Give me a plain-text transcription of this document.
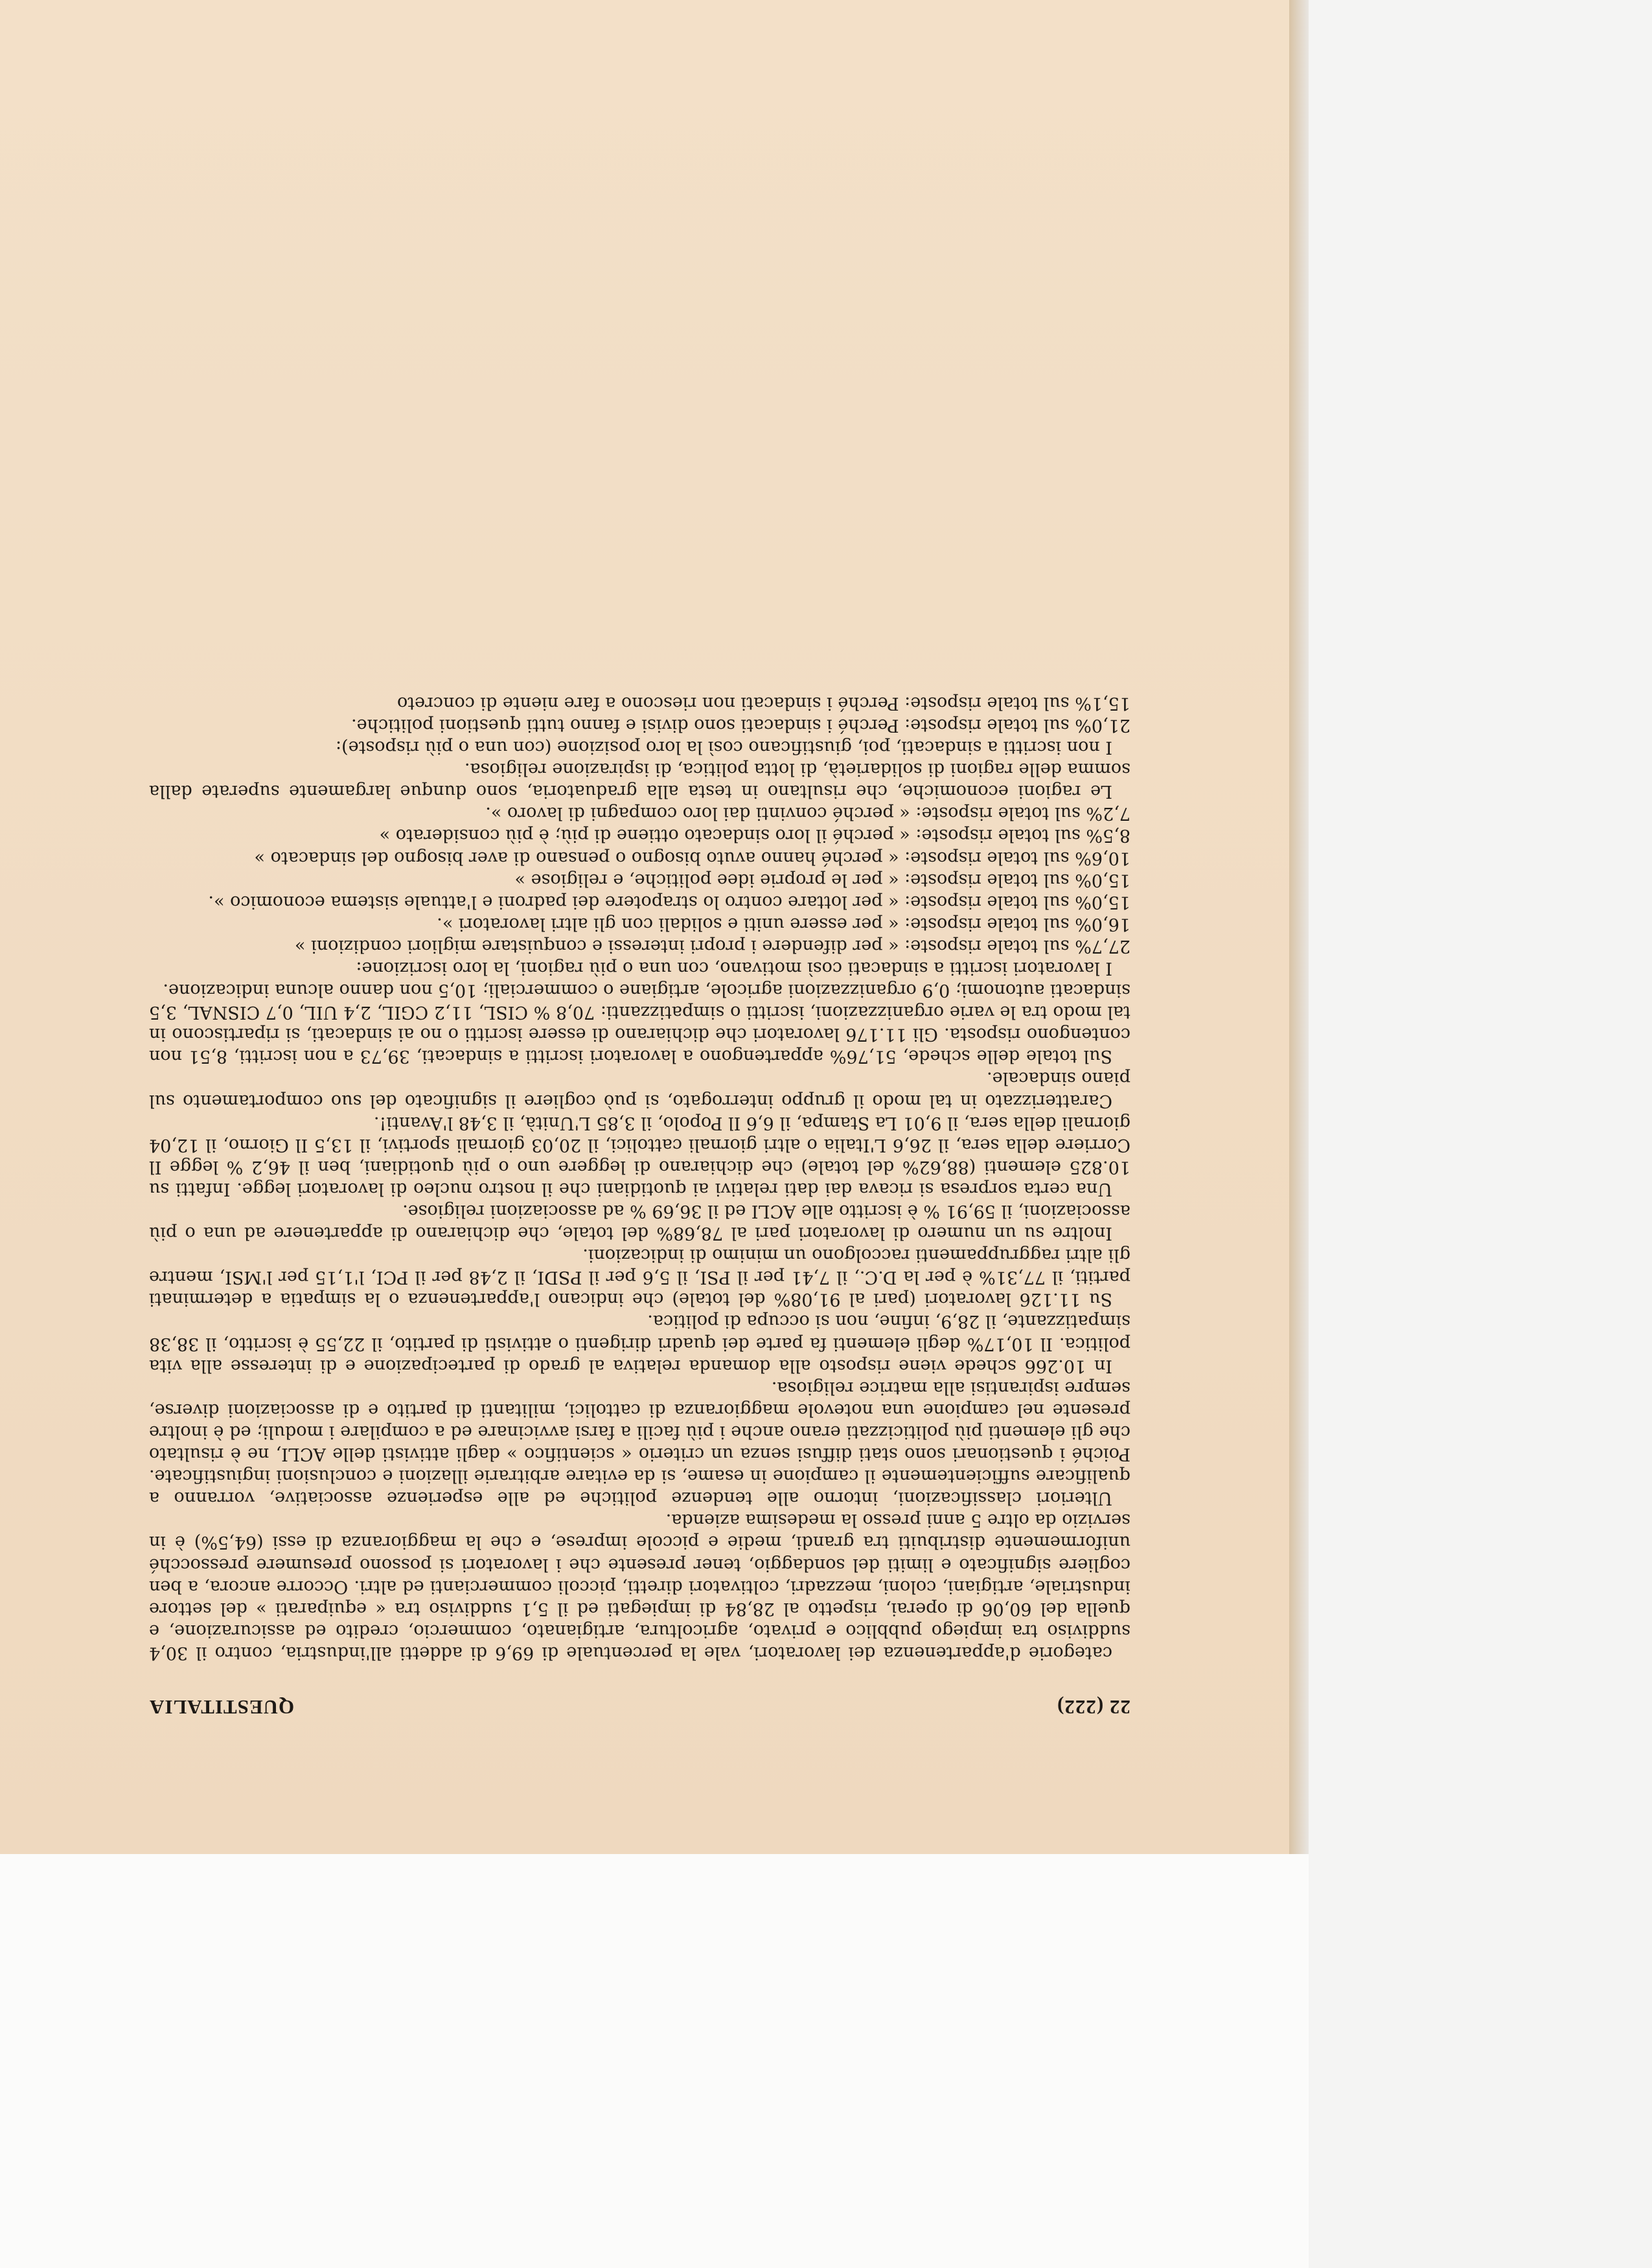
22 (222)
QUESTITALIA

categorie d'appartenenza dei lavoratori, vale la percentuale di 69,6 di addetti all'industria, contro il 30,4 suddiviso tra impiego pubblico e privato, agricoltura, artigianato, commercio, credito ed assicurazione, e quella del 60,06 di operai, rispetto al 28,84 di impiegati ed il 5,1 suddiviso tra « equiparati » del settore industriale, artigiani, coloni, mezzadri, coltivatori diretti, piccoli commercianti ed altri. Occorre ancora, a ben cogliere significato e limiti del sondaggio, tener presente che i lavoratori si possono presumere pressocché uniformemente distribuiti tra grandi, medie e piccole imprese, e che la maggioranza di essi (64,5%) è in servizio da oltre 5 anni presso la medesima azienda.

Ulteriori classificazioni, intorno alle tendenze politiche ed alle esperienze associative, vorranno a qualificare sufficientemente il campione in esame, si da evitare arbitrarie illazioni e conclusioni ingiustificate. Poiché i questionari sono stati diffusi senza un criterio « scientifico » dagli attivisti delle ACLI, ne è risultato che gli elementi più politicizzati erano anche i più facili a farsi avvicinare ed a compilare i moduli; ed è inoltre presente nel campione una notevole maggioranza di cattolici, militanti di partito e di associazioni diverse, sempre ispirantisi alla matrice religiosa.

In 10.266 schede viene risposto alla domanda relativa al grado di partecipazione e di interesse alla vita politica. Il 10,17% degli elementi fa parte dei quadri dirigenti o attivisti di partito, il 22,55 è iscritto, il 38,38 simpatizzante, il 28,9, infine, non si occupa di politica.

Su 11.126 lavoratori (pari al 91,08% del totale) che indicano l'appartenenza o la simpatia a determinati partiti, il 77,31% è per la D.C., il 7,41 per il PSI, il 5,6 per il PSDI, il 2,48 per il PCI, l'1,15 per l'MSI, mentre gli altri raggruppamenti raccolgono un minimo di indicazioni.

Inoltre su un numero di lavoratori pari al 78,68% del totale, che dichiarano di appartenere ad una o più associazioni, il 59,91 % è iscritto alle ACLI ed il 36,69 % ad associazioni religiose.

Una certa sorpresa si ricava dai dati relativi ai quotidiani che il nostro nucleo di lavoratori legge. Infatti su 10.825 elementi (88,62% del totale) che dichiarano di leggere uno o più quotidiani, ben il 46,2 % legge Il Corriere della sera, il 26,6 L'Italia o altri giornali cattolici, il 20,03 giornali sportivi, il 13,5 Il Giorno, il 12,04 giornali della sera, il 9,01 La Stampa, il 6,6 Il Popolo, il 3,85 L'Unità, il 3,48 l'Avanti!.

Caratterizzato in tal modo il gruppo interrogato, si può cogliere il significato del suo comportamento sul piano sindacale.

Sul totale delle schede, 51,76% appartengono a lavoratori iscritti a sindacati, 39,73 a non iscritti, 8,51 non contengono risposta. Gli 11.176 lavoratori che dichiarano di essere iscritti o no ai sindacati, si ripartiscono in tal modo tra le varie organizzazioni, iscritti o simpatizzanti: 70,8 % CISL, 11,2 CGIL, 2,4 UIL, 0,7 CISNAL, 3,5 sindacati autonomi; 0,9 organizzazioni agricole, artigiane o commerciali; 10,5 non danno alcuna indicazione.

I lavoratori iscritti a sindacati così motivano, con una o più ragioni, la loro iscrizione:

27,7% sul totale risposte: « per difendere i propri interessi e conquistare migliori condizioni »

16,0% sul totale risposte: « per essere uniti e solidali con gli altri lavoratori ».

15,0% sul totale risposte: « per lottare contro lo strapotere dei padroni e l'attuale sistema economico ».

15,0% sul totale risposte: « per le proprie idee politiche, e religiose »

10,6% sul totale risposte: « perché hanno avuto bisogno o pensano di aver bisogno del sindacato »

8,5% sul totale risposte: « perché il loro sindacato ottiene di più; è più considerato »

7,2% sul totale risposte: « perché convinti dai loro compagni di lavoro ».

Le ragioni economiche, che risultano in testa alla graduatoria, sono dunque largamente superate dalla somma delle ragioni di solidarietà, di lotta politica, di ispirazione religiosa.

I non iscritti a sindacati, poi, giustificano così la loro posizione (con una o più risposte):

21,0% sul totale risposte: Perché i sindacati sono divisi e fanno tutti questioni politiche.

15,1% sul totale risposte: Perché i sindacati non riescono a fare niente di concreto
